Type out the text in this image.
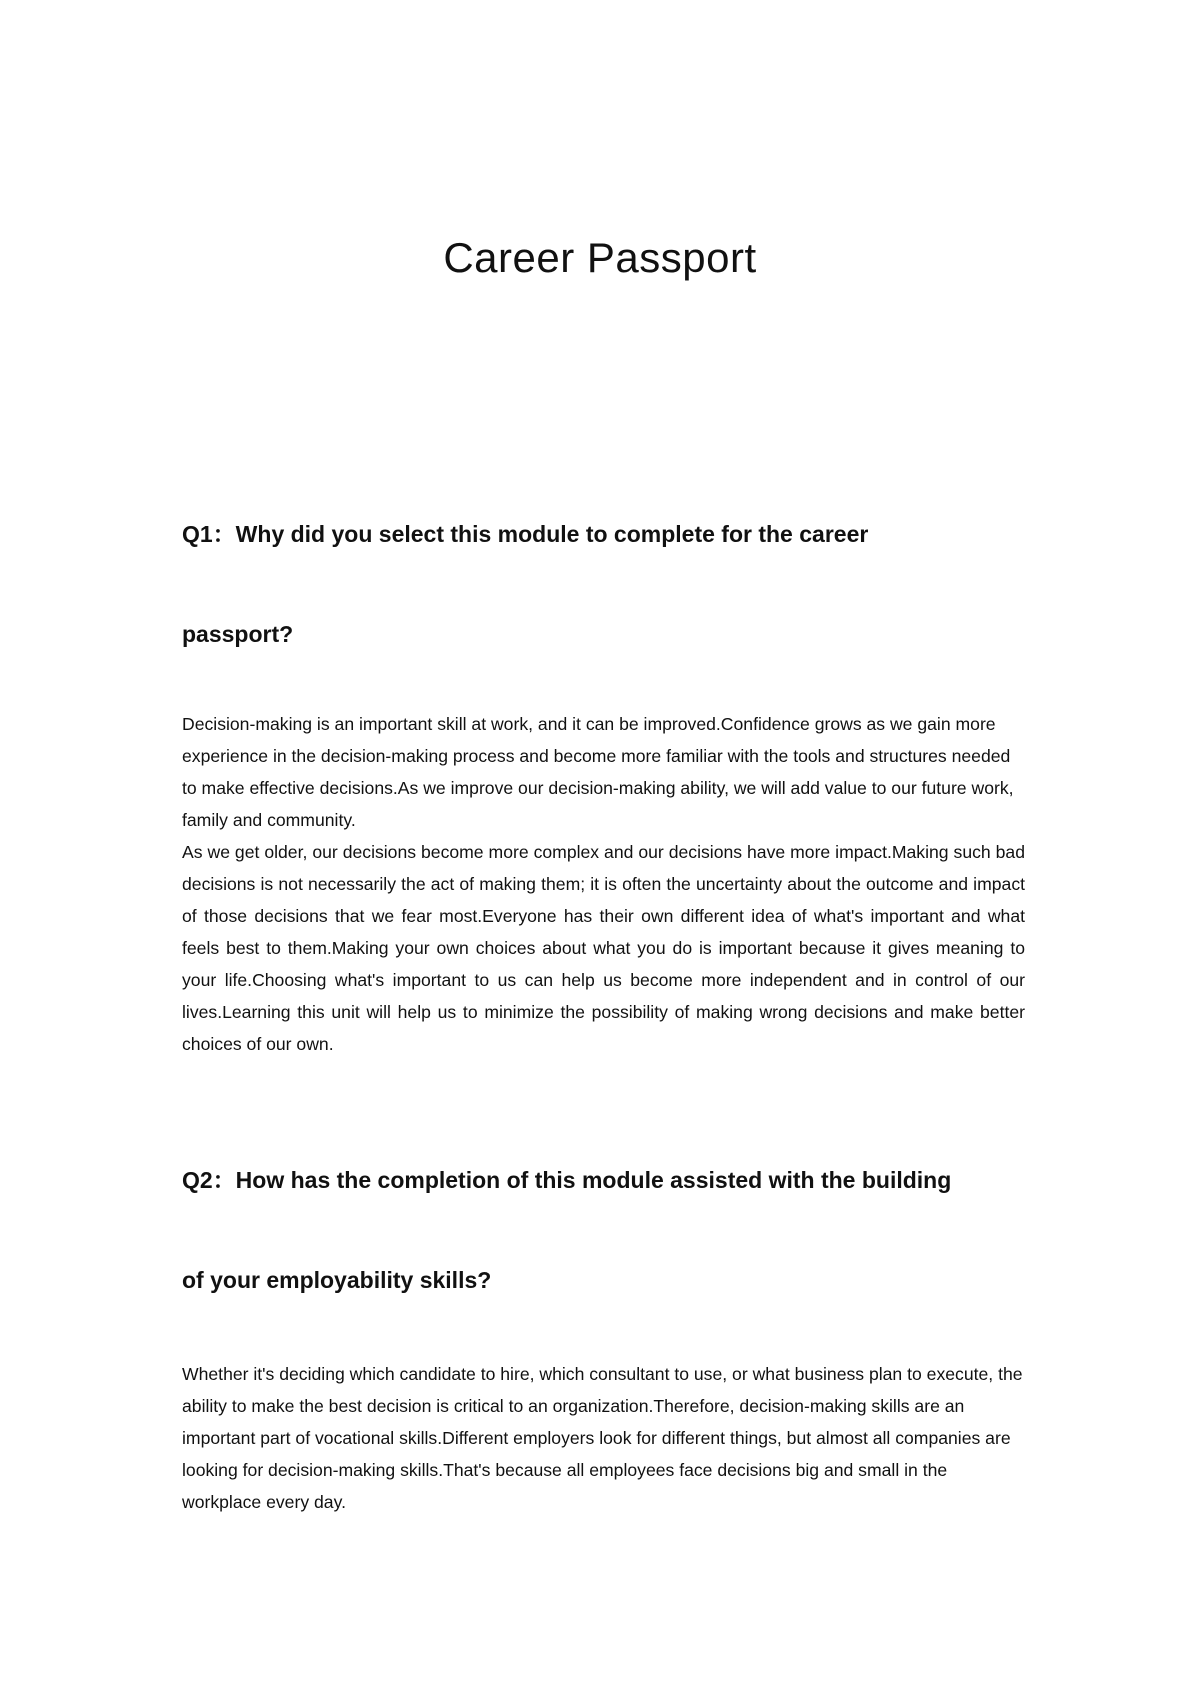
Career Passport
Q1：Why did you select this module to complete for the career
passport?

Decision-making is an important skill at work, and it can be improved.Confidence grows as we gain more experience in the decision-making process and become more familiar with the tools and structures needed to make effective decisions.As we improve our decision-making ability, we will add value to our future work, family and community.

As we get older, our decisions become more complex and our decisions have more impact.Making such bad decisions is not necessarily the act of making them; it is often the uncertainty about the outcome and impact of those decisions that we fear most.Everyone has their own different idea of what's important and what feels best to them.Making your own choices about what you do is important because it gives meaning to your life.Choosing what's important to us can help us become more independent and in control of our lives.Learning this unit will help us to minimize the possibility of making wrong decisions and make better choices of our own.

Q2：How has the completion of this module assisted with the building
of your employability skills?

Whether it's deciding which candidate to hire, which consultant to use, or what business plan to execute, the ability to make the best decision is critical to an organization.Therefore, decision-making skills are an important part of vocational skills.Different employers look for different things, but almost all companies are looking for decision-making skills.That's because all employees face decisions big and small in the workplace every day.
